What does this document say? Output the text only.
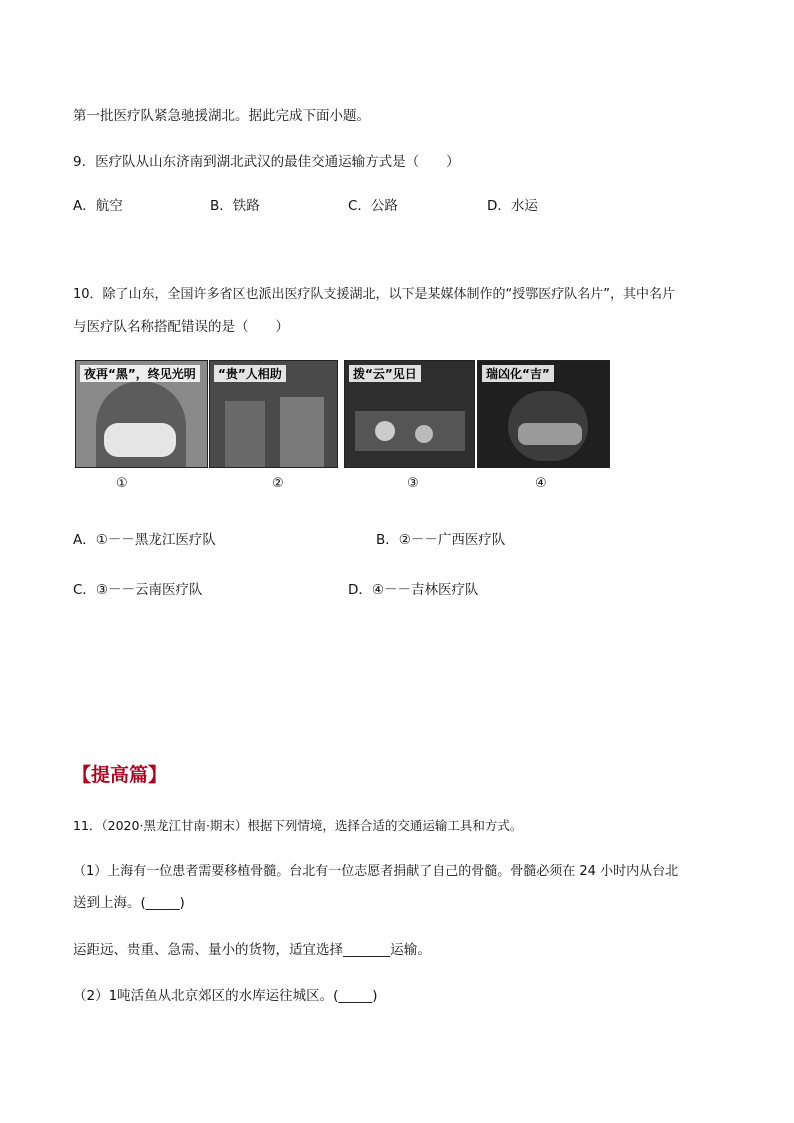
第一批医疗队紧急驰援湖北。据此完成下面小题。
9．医疗队从山东济南到湖北武汉的最佳交通运输方式是（　　）
A．航空	B．铁路	C．公路	D．水运
10．除了山东，全国许多省区也派出医疗队支援湖北，以下是某媒体制作的“授鄂医疗队名片”，其中名片
与医疗队名称搭配错误的是（　　）
夜再“黑”，终见光明	“贵”人相助	拨“云”见日	瑞凶化“吉”
①	②	③	④
A．①－－黑龙江医疗队	B．②－－广西医疗队
C．③－－云南医疗队	D．④－－吉林医疗队
【提高篇】
11．（2020·黑龙江甘南·期末）根据下列情境，选择合适的交通运输工具和方式。
（1）上海有一位患者需要移植骨髓。台北有一位志愿者捐献了自己的骨髓。骨髓必须在 24 小时内从台北
送到上海。(_____)
运距远、贵重、急需、量小的货物，适宜选择_______运输。
（2）1吨活鱼从北京郊区的水库运往城区。(_____)
